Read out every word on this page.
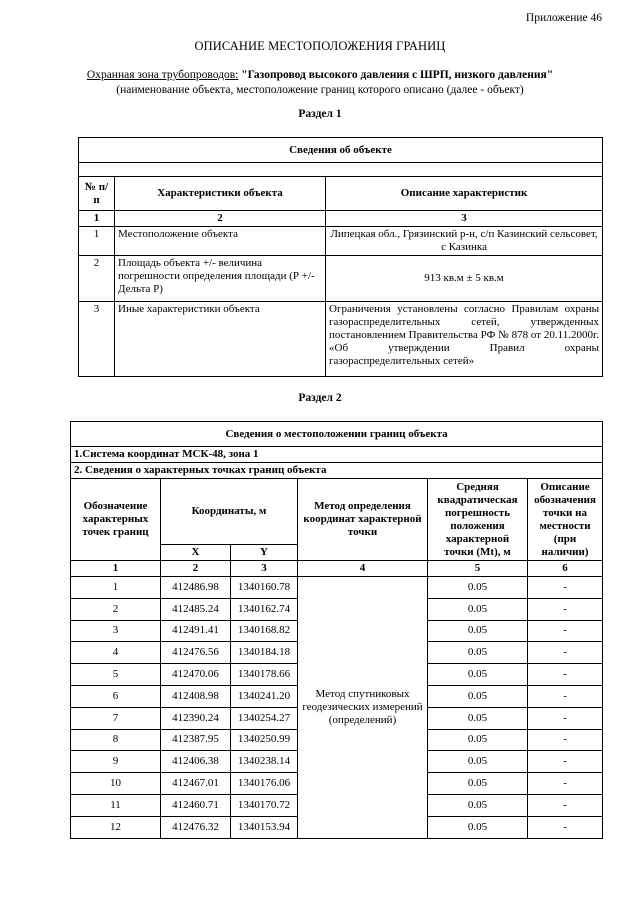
Приложение 46
ОПИСАНИЕ МЕСТОПОЛОЖЕНИЯ ГРАНИЦ
Охранная зона трубопроводов: "Газопровод высокого давления с ШРП, низкого давления"
(наименование объекта, местоположение границ которого описано (далее - объект)
Раздел 1
Сведения об объекте		

№ п/п	Характеристики объекта	Описание характеристик
1	2	3
1	Местоположение объекта	Липецкая обл., Грязинский р-н, с/п Казинский сельсовет, с Казинка
2	Площадь объекта +/- величина погрешности определения площади (Р +/- Дельта Р)	913 кв.м ± 5 кв.м
3	Иные характеристики объекта	Ограничения установлены согласно Правилам охраны газораспределительных сетей, утвержденных постановлением Правительства РФ № 878 от 20.11.2000г. «Об утверждении Правил охраны газораспределительных сетей»
Раздел 2
Сведения о местоположении границ объекта					
1.Система координат МСК-48, зона 1					
2. Сведения о характерных точках границ объекта					
Обозначение характерных точек границ	Координаты, м		Метод определения координат характерной точки	Средняя квадратическая погрешность положения характерной точки (Mt), м	Описание обозначения точки на местности (при наличии)
	X	Y			
1	2	3	4	5	6
1	412486.98	1340160.78	Метод спутниковых геодезических измерений (определений)	0.05	-
2	412485.24	1340162.74		0.05	-
3	412491.41	1340168.82		0.05	-
4	412476.56	1340184.18		0.05	-
5	412470.06	1340178.66		0.05	-
6	412408.98	1340241.20		0.05	-
7	412390.24	1340254.27		0.05	-
8	412387.95	1340250.99		0.05	-
9	412406.38	1340238.14		0.05	-
10	412467.01	1340176.06		0.05	-
11	412460.71	1340170.72		0.05	-
12	412476.32	1340153.94		0.05	-
